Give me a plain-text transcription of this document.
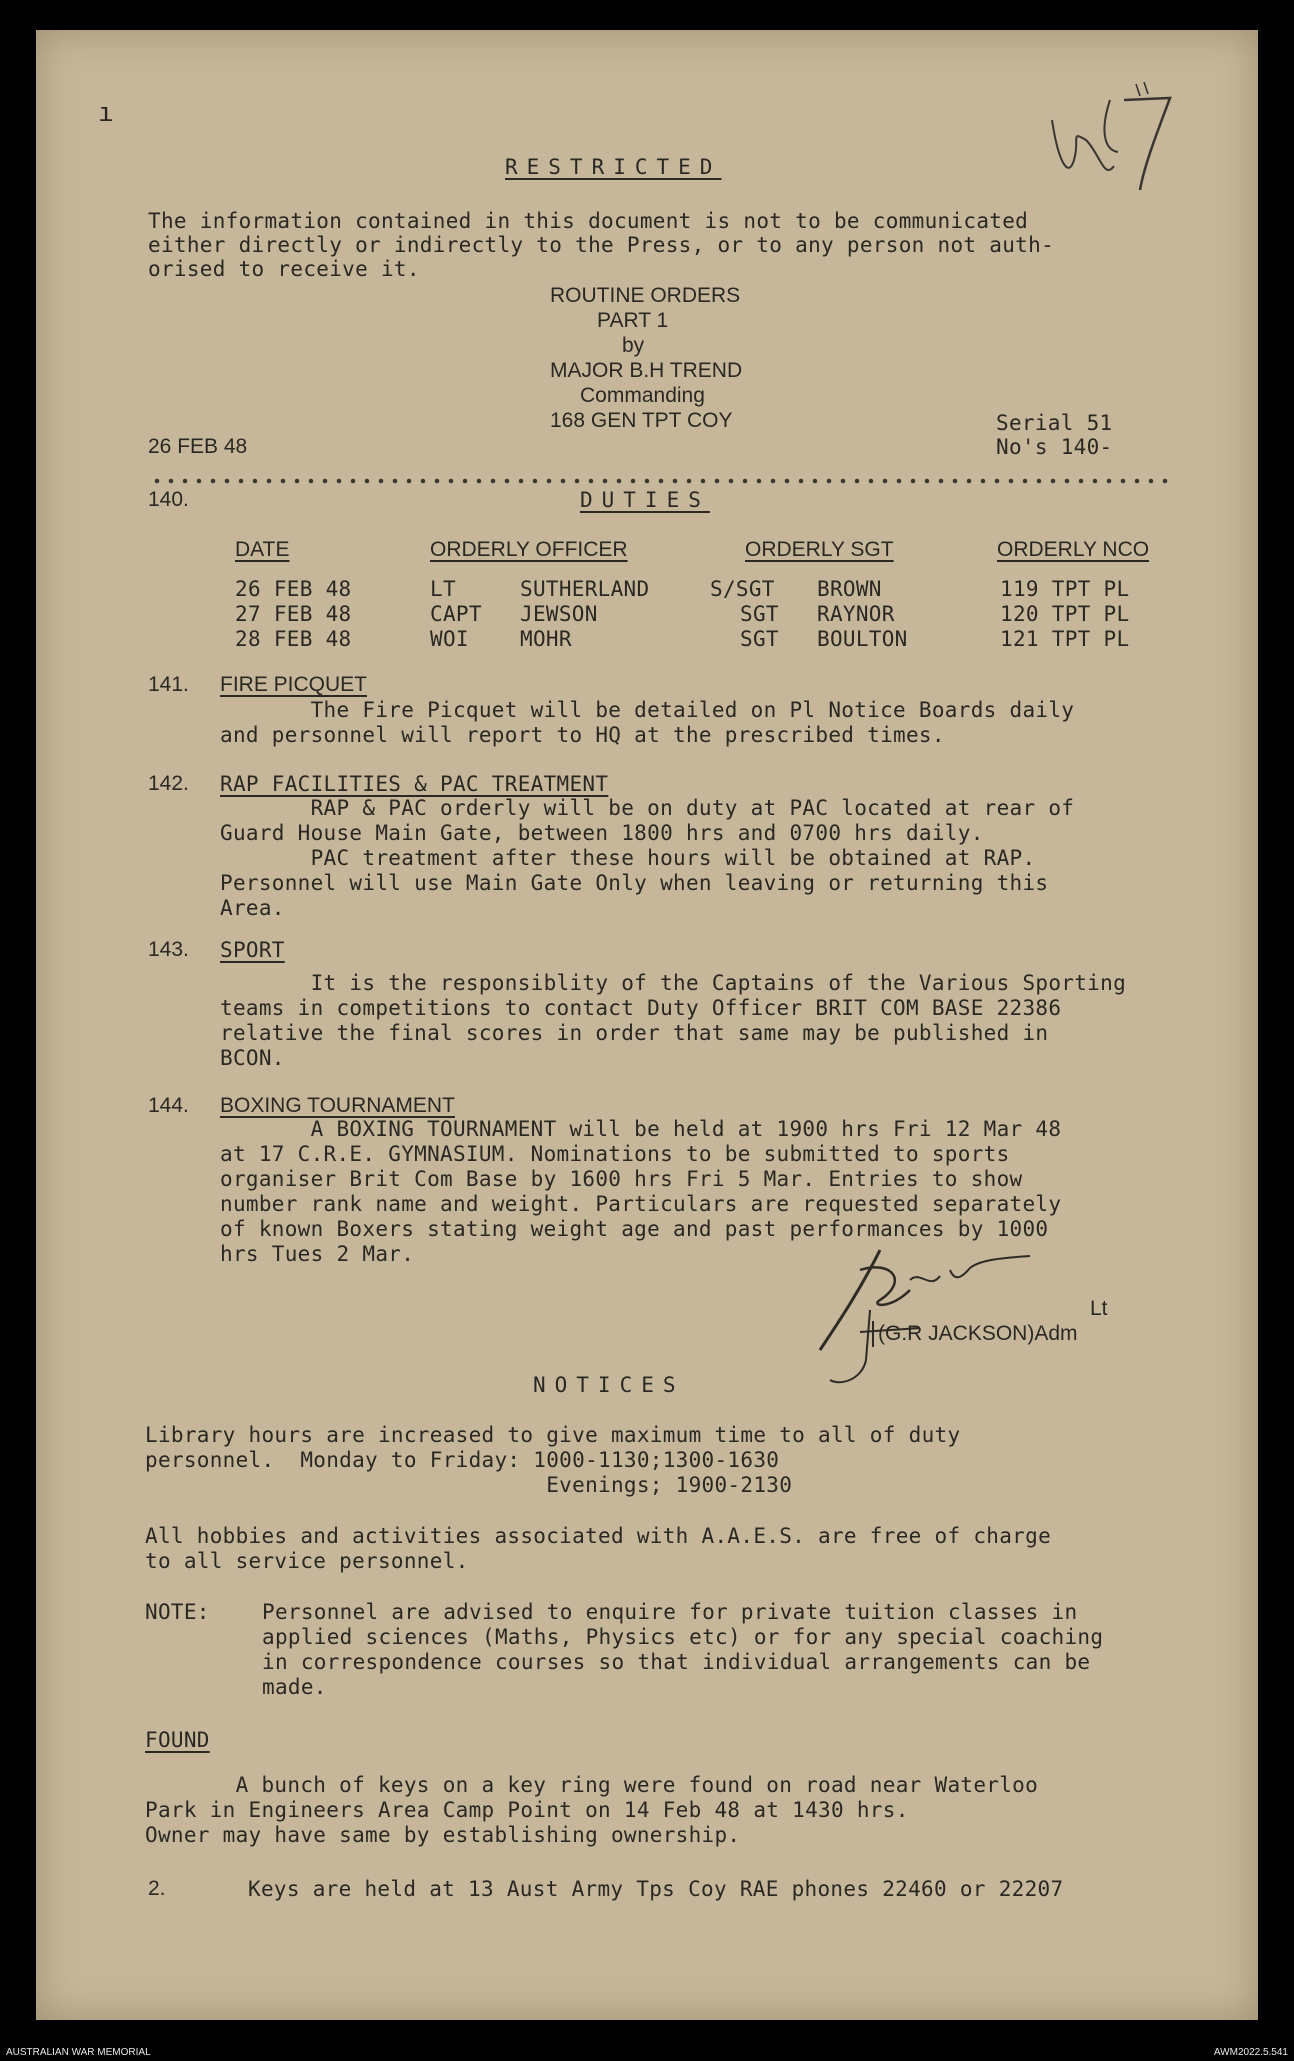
ı
RESTRICTED
The information contained in this document is not to be communicated
either directly or indirectly to the Press, or to any person not auth-
orised to receive it.
ROUTINE ORDERS
PART 1
by
MAJOR B.H TREND
Commanding
168 GEN TPT COY
26 FEB 48
Serial 51
No's 140-
140.	DUTIES
DATE	ORDERLY OFFICER	ORDERLY SGT	ORDERLY NCO
26 FEB 48	LT	SUTHERLAND	S/SGT BROWN	119 TPT PL
27 FEB 48	CAPT JEWSON	SGT RAYNOR	120 TPT PL
28 FEB 48	WOI MOHR	SGT BOULTON	121 TPT PL
141. FIRE PICQUET
The Fire Picquet will be detailed on Pl Notice Boards daily
and personnel will report to HQ at the prescribed times.
142. RAP FACILITIES & PAC TREATMENT
RAP & PAC orderly will be on duty at PAC located at rear of
Guard House Main Gate, between 1800 hrs and 0700 hrs daily.
PAC treatment after these hours will be obtained at RAP.
Personnel will use Main Gate Only when leaving or returning this
Area.
143. SPORT
It is the responsiblity of the Captains of the Various Sporting
teams in competitions to contact Duty Officer BRIT COM BASE 22386
relative the final scores in order that same may be published in
BCON.
144. BOXING TOURNAMENT
A BOXING TOURNAMENT will be held at 1900 hrs Fri 12 Mar 48
at 17 C.R.E. GYMNASIUM. Nominations to be submitted to sports
organiser Brit Com Base by 1600 hrs Fri 5 Mar. Entries to show
number rank name and weight. Particulars are requested separately
of known Boxers stating weight age and past performances by 1000
hrs Tues 2 Mar.
Lt
(G.R JACKSON)Adm
NOTICES
Library hours are increased to give maximum time to all of duty
personnel.  Monday to Friday: 1000-1130;1300-1630
Evenings; 1900-2130
All hobbies and activities associated with A.A.E.S. are free of charge
to all service personnel.
NOTE: Personnel are advised to enquire for private tuition classes in
applied sciences (Maths, Physics etc) or for any special coaching
in correspondence courses so that individual arrangements can be
made.
FOUND
A bunch of keys on a key ring were found on road near Waterloo
Park in Engineers Area Camp Point on 14 Feb 48 at 1430 hrs.
Owner may have same by establishing ownership.
2.	Keys are held at 13 Aust Army Tps Coy RAE phones 22460 or 22207
AUSTRALIAN WAR MEMORIAL	AWM2022.5.541
